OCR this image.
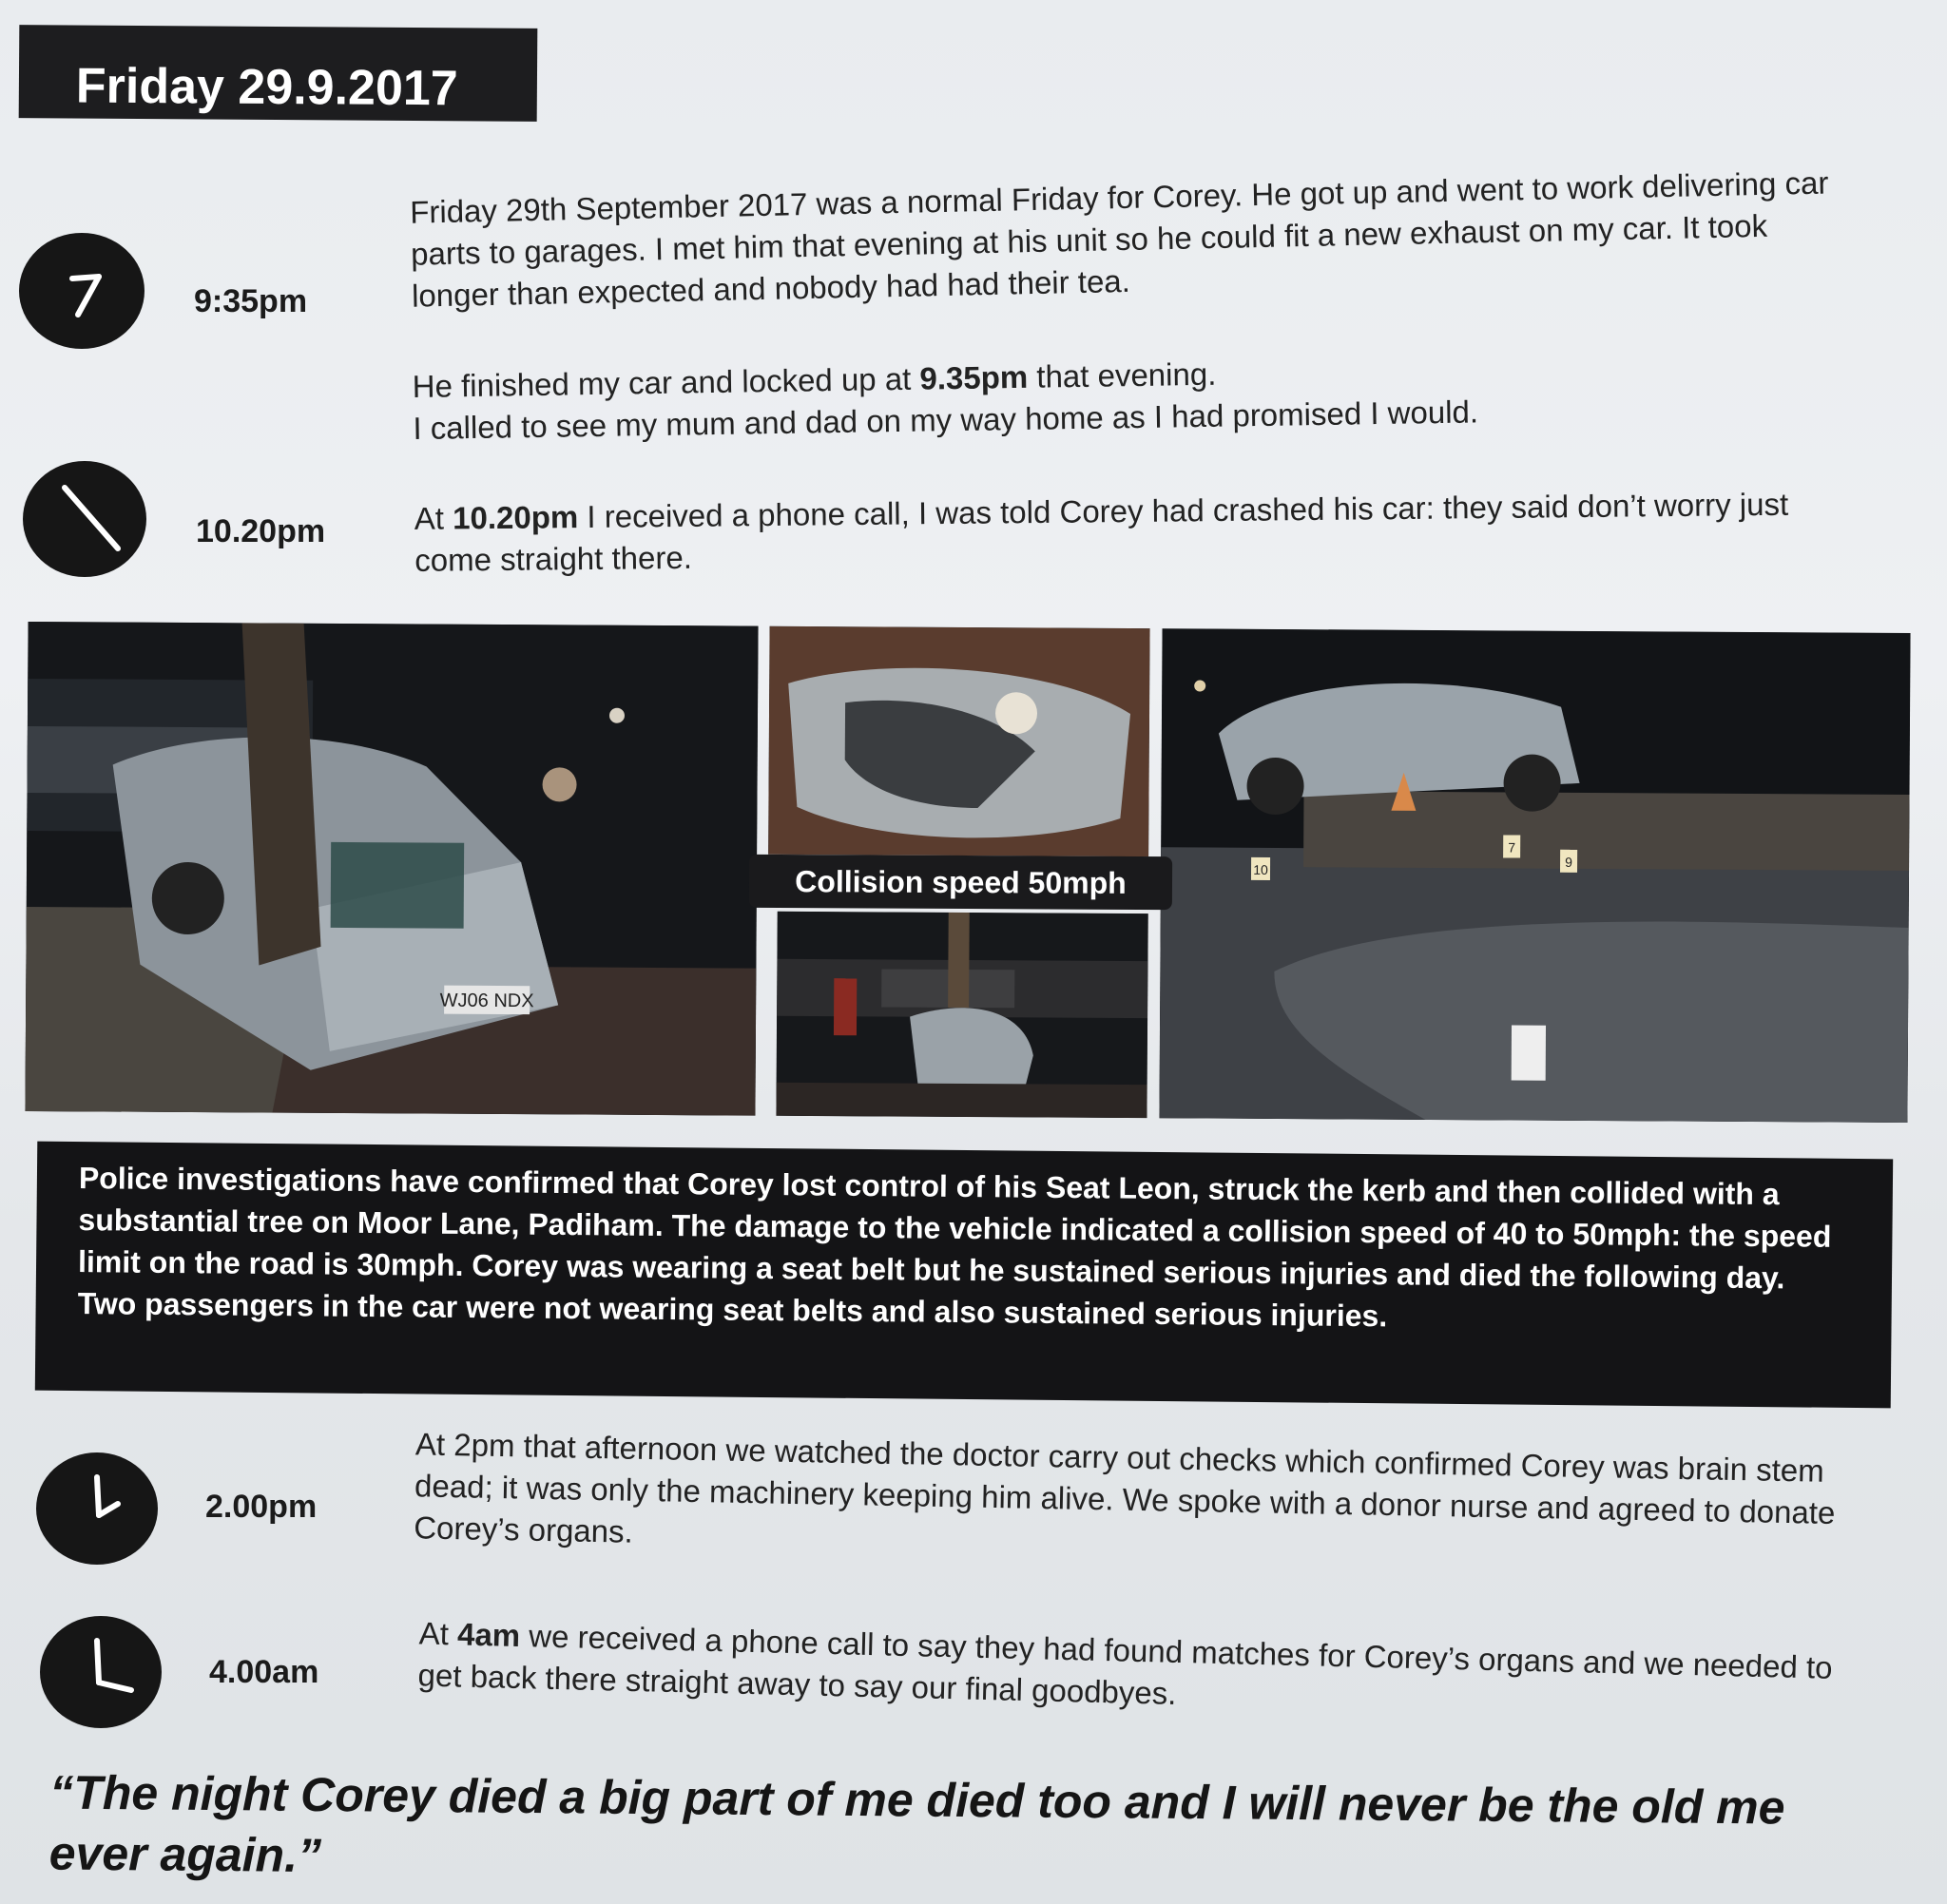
Friday 29.9.2017
9:35pm

Friday 29th September 2017 was a normal Friday for Corey. He got up and went to work delivering car parts to garages. I met him that evening at his unit so he could fit a new exhaust on my car. It took longer than expected and nobody had had their tea.

He finished my car and locked up at 9.35pm that evening.

I called to see my mum and dad on my way home as I had promised I would.

10.20pm	At 10.20pm I received a phone call, I was told Corey had crashed his car: they said don’t worry just come straight there.

WJ06 NDX
10	9
7
Collision speed 50mph

Police investigations have confirmed that Corey lost control of his Seat Leon, struck the kerb and then collided with a substantial tree on Moor Lane, Padiham. The damage to the vehicle indicated a collision speed of 40 to 50mph: the speed limit on the road is 30mph. Corey was wearing a seat belt but he sustained serious injuries and died the following day.

Two passengers in the car were not wearing seat belts and also sustained serious injuries.

2.00pm

At 2pm that afternoon we watched the doctor carry out checks which confirmed Corey was brain stem dead; it was only the machinery keeping him alive. We spoke with a donor nurse and agreed to donate Corey’s organs.

4.00am

At 4am we received a phone call to say they had found matches for Corey’s organs and we needed to get back there straight away to say our final goodbyes.

“The night Corey died a big part of me died too and I will never be the old me ever again.”
